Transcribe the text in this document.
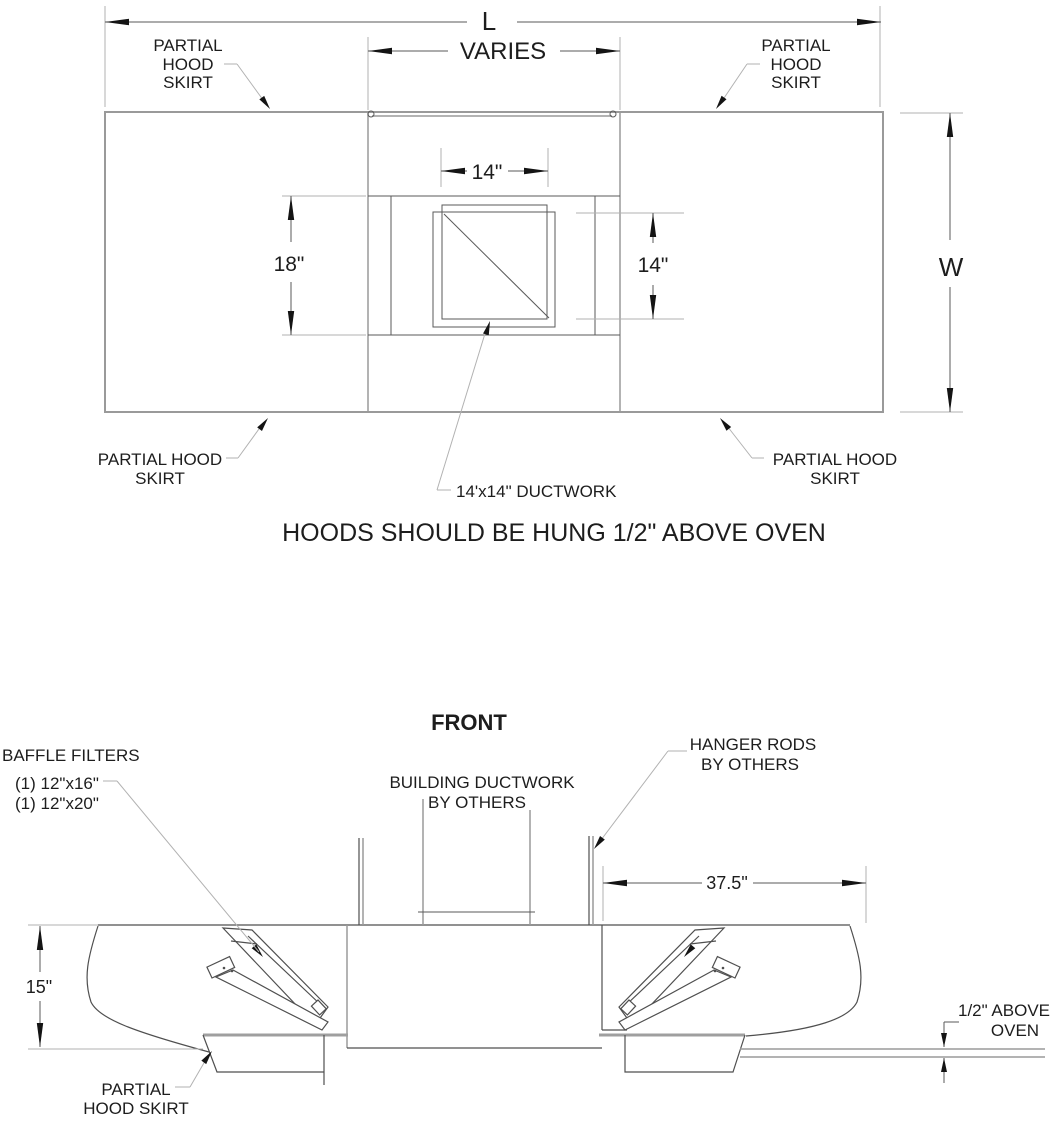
L
VARIES
PARTIAL
HOOD
SKIRT
PARTIAL
HOOD
SKIRT
14"
18"	14"	W
PARTIAL HOOD
SKIRT
PARTIAL HOOD
SKIRT
14'x14" DUCTWORK
HOODS SHOULD BE HUNG 1/2" ABOVE OVEN
FRONT
BAFFLE FILTERS
(1) 12"x16"
(1) 12"x20"
BUILDING DUCTWORK
BY OTHERS
HANGER RODS
BY OTHERS
37.5"
15"
1/2" ABOVE
OVEN
PARTIAL
HOOD SKIRT
